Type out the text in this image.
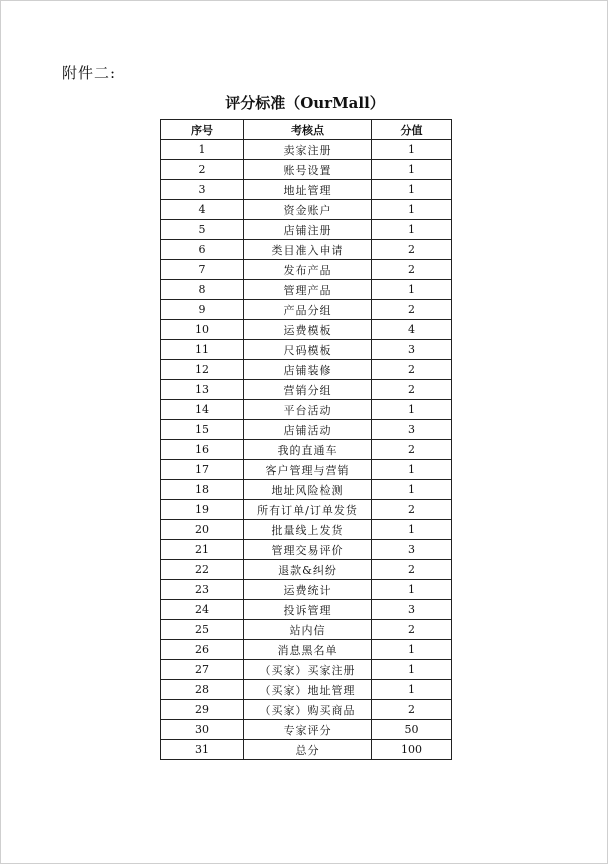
附件二:
评分标准（OurMall）
序号	考核点	分值
1	卖家注册	1
2	账号设置	1
3	地址管理	1
4	资金账户	1
5	店铺注册	1
6	类目准入申请	2
7	发布产品	2
8	管理产品	1
9	产品分组	2
10	运费模板	4
11	尺码模板	3
12	店铺装修	2
13	营销分组	2
14	平台活动	1
15	店铺活动	3
16	我的直通车	2
17	客户管理与营销	1
18	地址风险检测	1
19	所有订单/订单发货	2
20	批量线上发货	1
21	管理交易评价	3
22	退款&纠纷	2
23	运费统计	1
24	投诉管理	3
25	站内信	2
26	消息黑名单	1
27	（买家）买家注册	1
28	（买家）地址管理	1
29	（买家）购买商品	2
30	专家评分	50
31	总分	100
